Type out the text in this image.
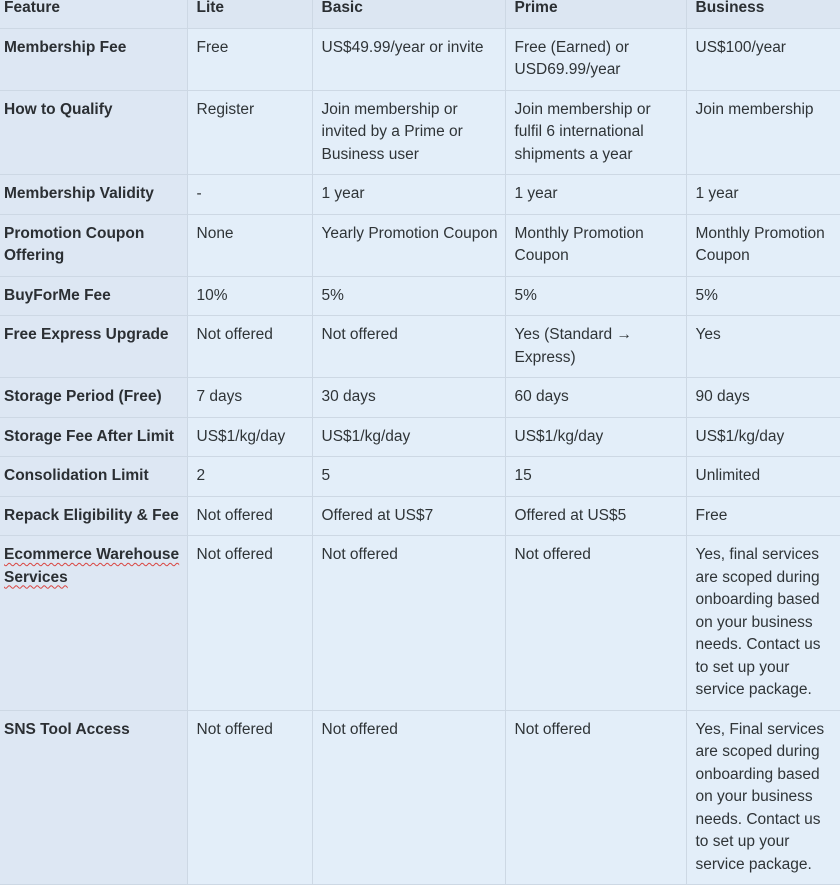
Feature	Lite	Basic	Prime	Business
Membership Fee	Free	US$49.99/year or invite	Free (Earned) or USD69.99/year	US$100/year
How to Qualify	Register	Join membership or invited by a Prime or Business user	Join membership or fulfil 6 international shipments a year	Join membership
Membership Validity	-	1 year	1 year	1 year
Promotion Coupon Offering	None	Yearly Promotion Coupon	Monthly Promotion Coupon	Monthly Promotion Coupon
BuyForMe Fee	10%	5%	5%	5%
Free Express Upgrade	Not offered	Not offered	Yes (Standard → Express)	Yes
Storage Period (Free)	7 days	30 days	60 days	90 days
Storage Fee After Limit	US$1/kg/day	US$1/kg/day	US$1/kg/day	US$1/kg/day
Consolidation Limit	2	5	15	Unlimited
Repack Eligibility & Fee	Not offered	Offered at US$7	Offered at US$5	Free
Ecommerce Warehouse Services	Not offered	Not offered	Not offered	Yes, final services are scoped during onboarding based on your business needs. Contact us to set up your service package.
SNS Tool Access	Not offered	Not offered	Not offered	Yes, Final services are scoped during onboarding based on your business needs. Contact us to set up your service package.
